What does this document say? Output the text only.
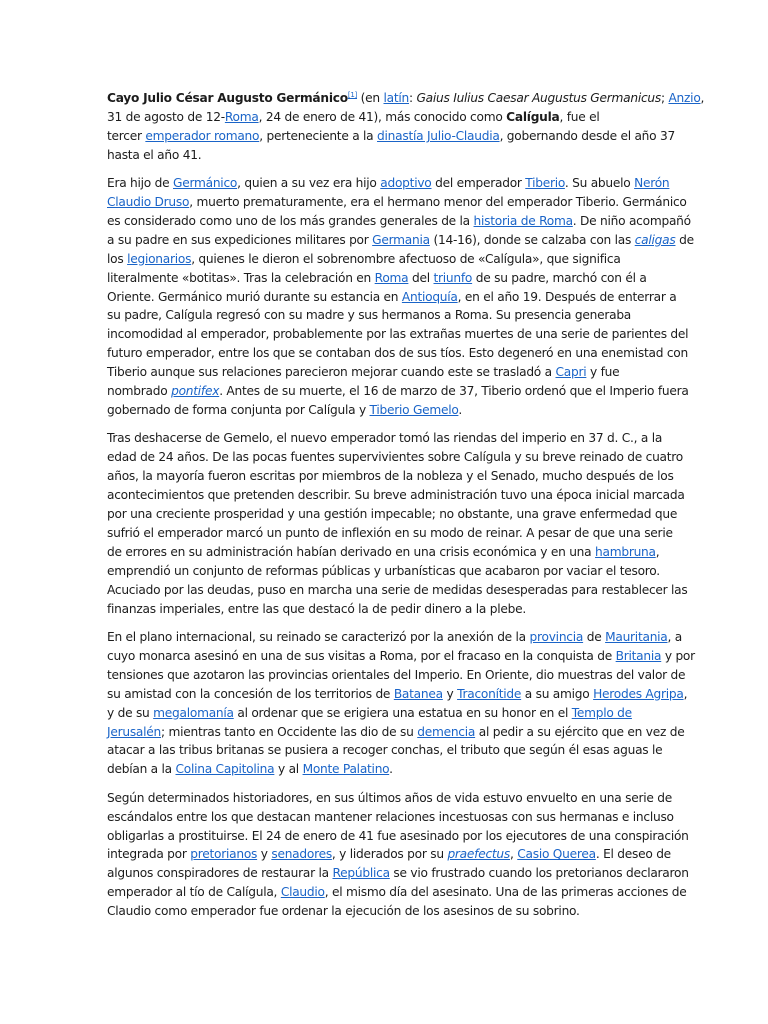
Cayo Julio César Augusto Germánico[1] (en latín: Gaius Iulius Caesar Augustus Germanicus; Anzio,
31 de agosto de 12-Roma, 24 de enero de 41), más conocido como Calígula, fue el
tercer emperador romano, perteneciente a la dinastía Julio-Claudia, gobernando desde el año 37
hasta el año 41.

Era hijo de Germánico, quien a su vez era hijo adoptivo del emperador Tiberio. Su abuelo Nerón
Claudio Druso, muerto prematuramente, era el hermano menor del emperador Tiberio. Germánico
es considerado como uno de los más grandes generales de la historia de Roma. De niño acompañó
a su padre en sus expediciones militares por Germania (14-16), donde se calzaba con las caligas de
los legionarios, quienes le dieron el sobrenombre afectuoso de «Calígula», que significa
literalmente «botitas». Tras la celebración en Roma del triunfo de su padre, marchó con él a
Oriente. Germánico murió durante su estancia en Antioquía, en el año 19. Después de enterrar a
su padre, Calígula regresó con su madre y sus hermanos a Roma. Su presencia generaba
incomodidad al emperador, probablemente por las extrañas muertes de una serie de parientes del
futuro emperador, entre los que se contaban dos de sus tíos. Esto degeneró en una enemistad con
Tiberio aunque sus relaciones parecieron mejorar cuando este se trasladó a Capri y fue
nombrado pontifex. Antes de su muerte, el 16 de marzo de 37, Tiberio ordenó que el Imperio fuera
gobernado de forma conjunta por Calígula y Tiberio Gemelo.

Tras deshacerse de Gemelo, el nuevo emperador tomó las riendas del imperio en 37 d. C., a la
edad de 24 años. De las pocas fuentes supervivientes sobre Calígula y su breve reinado de cuatro
años, la mayoría fueron escritas por miembros de la nobleza y el Senado, mucho después de los
acontecimientos que pretenden describir. Su breve administración tuvo una época inicial marcada
por una creciente prosperidad y una gestión impecable; no obstante, una grave enfermedad que
sufrió el emperador marcó un punto de inflexión en su modo de reinar. A pesar de que una serie
de errores en su administración habían derivado en una crisis económica y en una hambruna,
emprendió un conjunto de reformas públicas y urbanísticas que acabaron por vaciar el tesoro.
Acuciado por las deudas, puso en marcha una serie de medidas desesperadas para restablecer las
finanzas imperiales, entre las que destacó la de pedir dinero a la plebe.

En el plano internacional, su reinado se caracterizó por la anexión de la provincia de Mauritania, a
cuyo monarca asesinó en una de sus visitas a Roma, por el fracaso en la conquista de Britania y por
tensiones que azotaron las provincias orientales del Imperio. En Oriente, dio muestras del valor de
su amistad con la concesión de los territorios de Batanea y Traconítide a su amigo Herodes Agripa,
y de su megalomanía al ordenar que se erigiera una estatua en su honor en el Templo de
Jerusalén; mientras tanto en Occidente las dio de su demencia al pedir a su ejército que en vez de
atacar a las tribus britanas se pusiera a recoger conchas, el tributo que según él esas aguas le
debían a la Colina Capitolina y al Monte Palatino.

Según determinados historiadores, en sus últimos años de vida estuvo envuelto en una serie de
escándalos entre los que destacan mantener relaciones incestuosas con sus hermanas e incluso
obligarlas a prostituirse. El 24 de enero de 41 fue asesinado por los ejecutores de una conspiración
integrada por pretorianos y senadores, y liderados por su praefectus, Casio Querea. El deseo de
algunos conspiradores de restaurar la República se vio frustrado cuando los pretorianos declararon
emperador al tío de Calígula, Claudio, el mismo día del asesinato. Una de las primeras acciones de
Claudio como emperador fue ordenar la ejecución de los asesinos de su sobrino.
